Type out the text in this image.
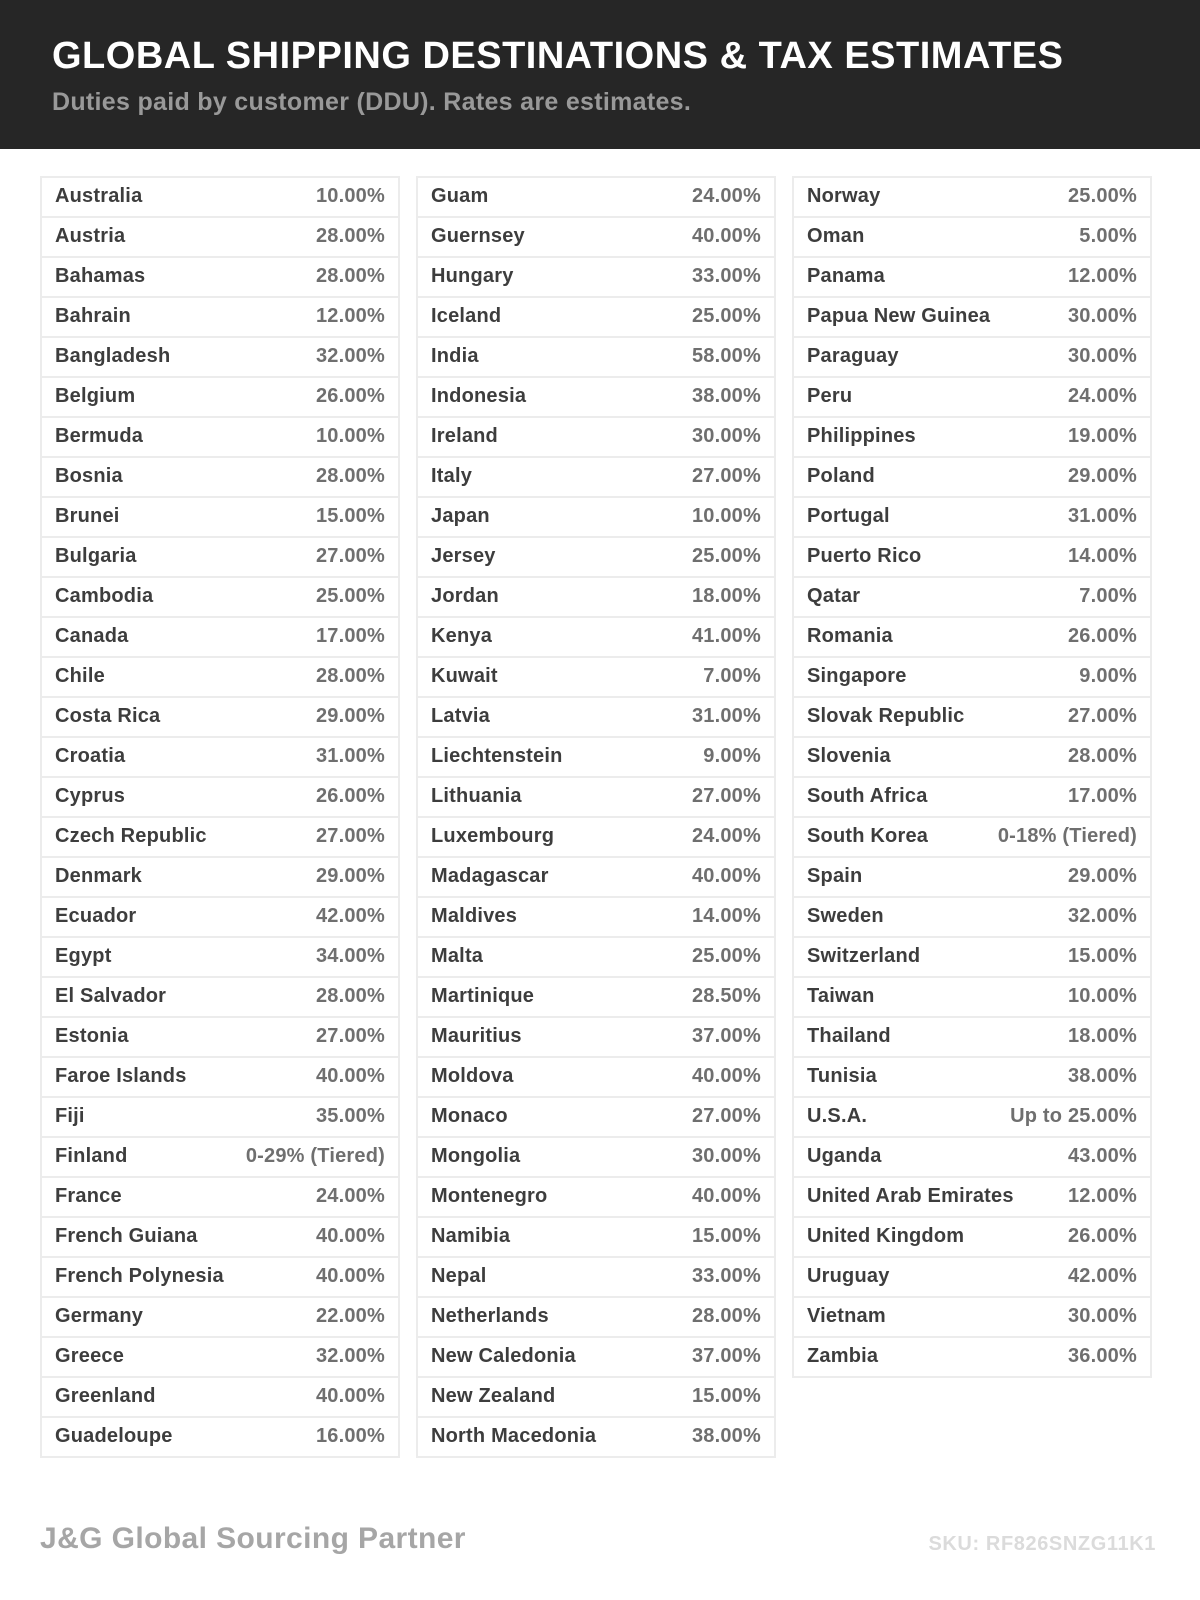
GLOBAL SHIPPING DESTINATIONS & TAX ESTIMATES

Duties paid by customer (DDU). Rates are estimates.

Australia	10.00%
Austria	28.00%
Bahamas	28.00%
Bahrain	12.00%
Bangladesh	32.00%
Belgium	26.00%
Bermuda	10.00%
Bosnia	28.00%
Brunei	15.00%
Bulgaria	27.00%
Cambodia	25.00%
Canada	17.00%
Chile	28.00%
Costa Rica	29.00%
Croatia	31.00%
Cyprus	26.00%
Czech Republic	27.00%
Denmark	29.00%
Ecuador	42.00%
Egypt	34.00%
El Salvador	28.00%
Estonia	27.00%
Faroe Islands	40.00%
Fiji	35.00%
Finland	0-29% (Tiered)
France	24.00%
French Guiana	40.00%
French Polynesia	40.00%
Germany	22.00%
Greece	32.00%
Greenland	40.00%
Guadeloupe	16.00%
Guam	24.00%
Guernsey	40.00%
Hungary	33.00%
Iceland	25.00%
India	58.00%
Indonesia	38.00%
Ireland	30.00%
Italy	27.00%
Japan	10.00%
Jersey	25.00%
Jordan	18.00%
Kenya	41.00%
Kuwait	7.00%
Latvia	31.00%
Liechtenstein	9.00%
Lithuania	27.00%
Luxembourg	24.00%
Madagascar	40.00%
Maldives	14.00%
Malta	25.00%
Martinique	28.50%
Mauritius	37.00%
Moldova	40.00%
Monaco	27.00%
Mongolia	30.00%
Montenegro	40.00%
Namibia	15.00%
Nepal	33.00%
Netherlands	28.00%
New Caledonia	37.00%
New Zealand	15.00%
North Macedonia	38.00%
Norway	25.00%
Oman	5.00%
Panama	12.00%
Papua New Guinea	30.00%
Paraguay	30.00%
Peru	24.00%
Philippines	19.00%
Poland	29.00%
Portugal	31.00%
Puerto Rico	14.00%
Qatar	7.00%
Romania	26.00%
Singapore	9.00%
Slovak Republic	27.00%
Slovenia	28.00%
South Africa	17.00%
South Korea	0-18% (Tiered)
Spain	29.00%
Sweden	32.00%
Switzerland	15.00%
Taiwan	10.00%
Thailand	18.00%
Tunisia	38.00%
U.S.A.	Up to 25.00%
Uganda	43.00%
United Arab Emirates	12.00%
United Kingdom	26.00%
Uruguay	42.00%
Vietnam	30.00%
Zambia	36.00%
J&G Global Sourcing Partner	SKU: RF826SNZG11K1
